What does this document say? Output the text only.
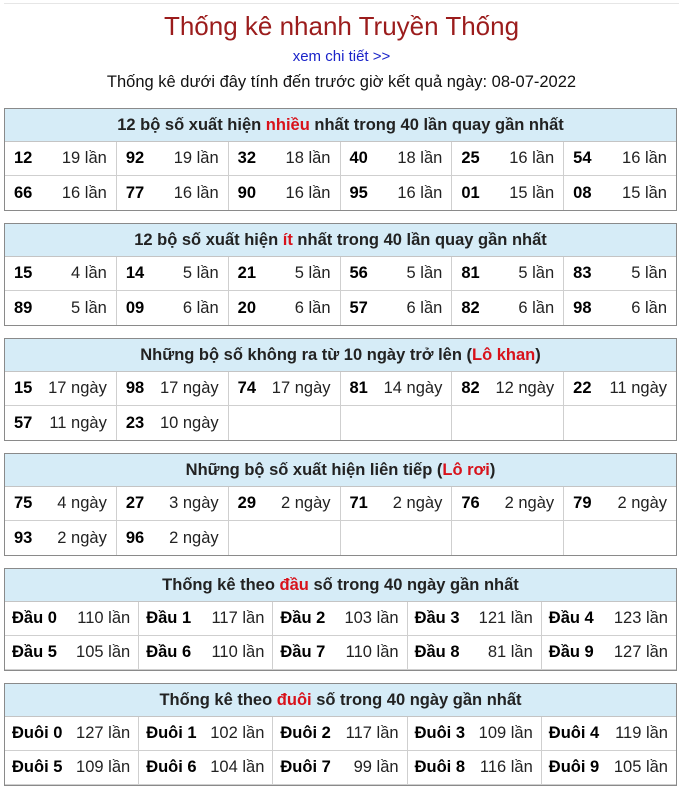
Thống kê nhanh Truyền Thống
xem chi tiết >>
Thống kê dưới đây tính đến trước giờ kết quả ngày: 08-07-2022
12 bộ số xuất hiện nhiều nhất trong 40 lần quay gần nhất
12 19 lần 92 19 lần 32 18 lần 40 18 lần 25 16 lần 54 16 lần
66 16 lần 77 16 lần 90 16 lần 95 16 lần 01 15 lần 08 15 lần
12 bộ số xuất hiện ít nhất trong 40 lần quay gần nhất
15 4 lần 14 5 lần 21 5 lần 56 5 lần 81 5 lần 83 5 lần
89 5 lần 09 6 lần 20 6 lần 57 6 lần 82 6 lần 98 6 lần
Những bộ số không ra từ 10 ngày trở lên (Lô khan)
15 17 ngày 98 17 ngày 74 17 ngày 81 14 ngày 82 12 ngày 22 11 ngày
57 11 ngày 23 10 ngày
Những bộ số xuất hiện liên tiếp (Lô rơi)
75 4 ngày 27 3 ngày 29 2 ngày 71 2 ngày 76 2 ngày 79 2 ngày
93 2 ngày 96 2 ngày
Thống kê theo đầu số trong 40 ngày gần nhất
Đầu 0 110 lần Đầu 1 117 lần Đầu 2 103 lần Đầu 3 121 lần Đầu 4 123 lần
Đầu 5 105 lần Đầu 6 110 lần Đầu 7 110 lần Đầu 8 81 lần Đầu 9 127 lần
Thống kê theo đuôi số trong 40 ngày gần nhất
Đuôi 0 127 lần Đuôi 1 102 lần Đuôi 2 117 lần Đuôi 3 109 lần Đuôi 4 119 lần
Đuôi 5 109 lần Đuôi 6 104 lần Đuôi 7 99 lần Đuôi 8 116 lần Đuôi 9 105 lần
